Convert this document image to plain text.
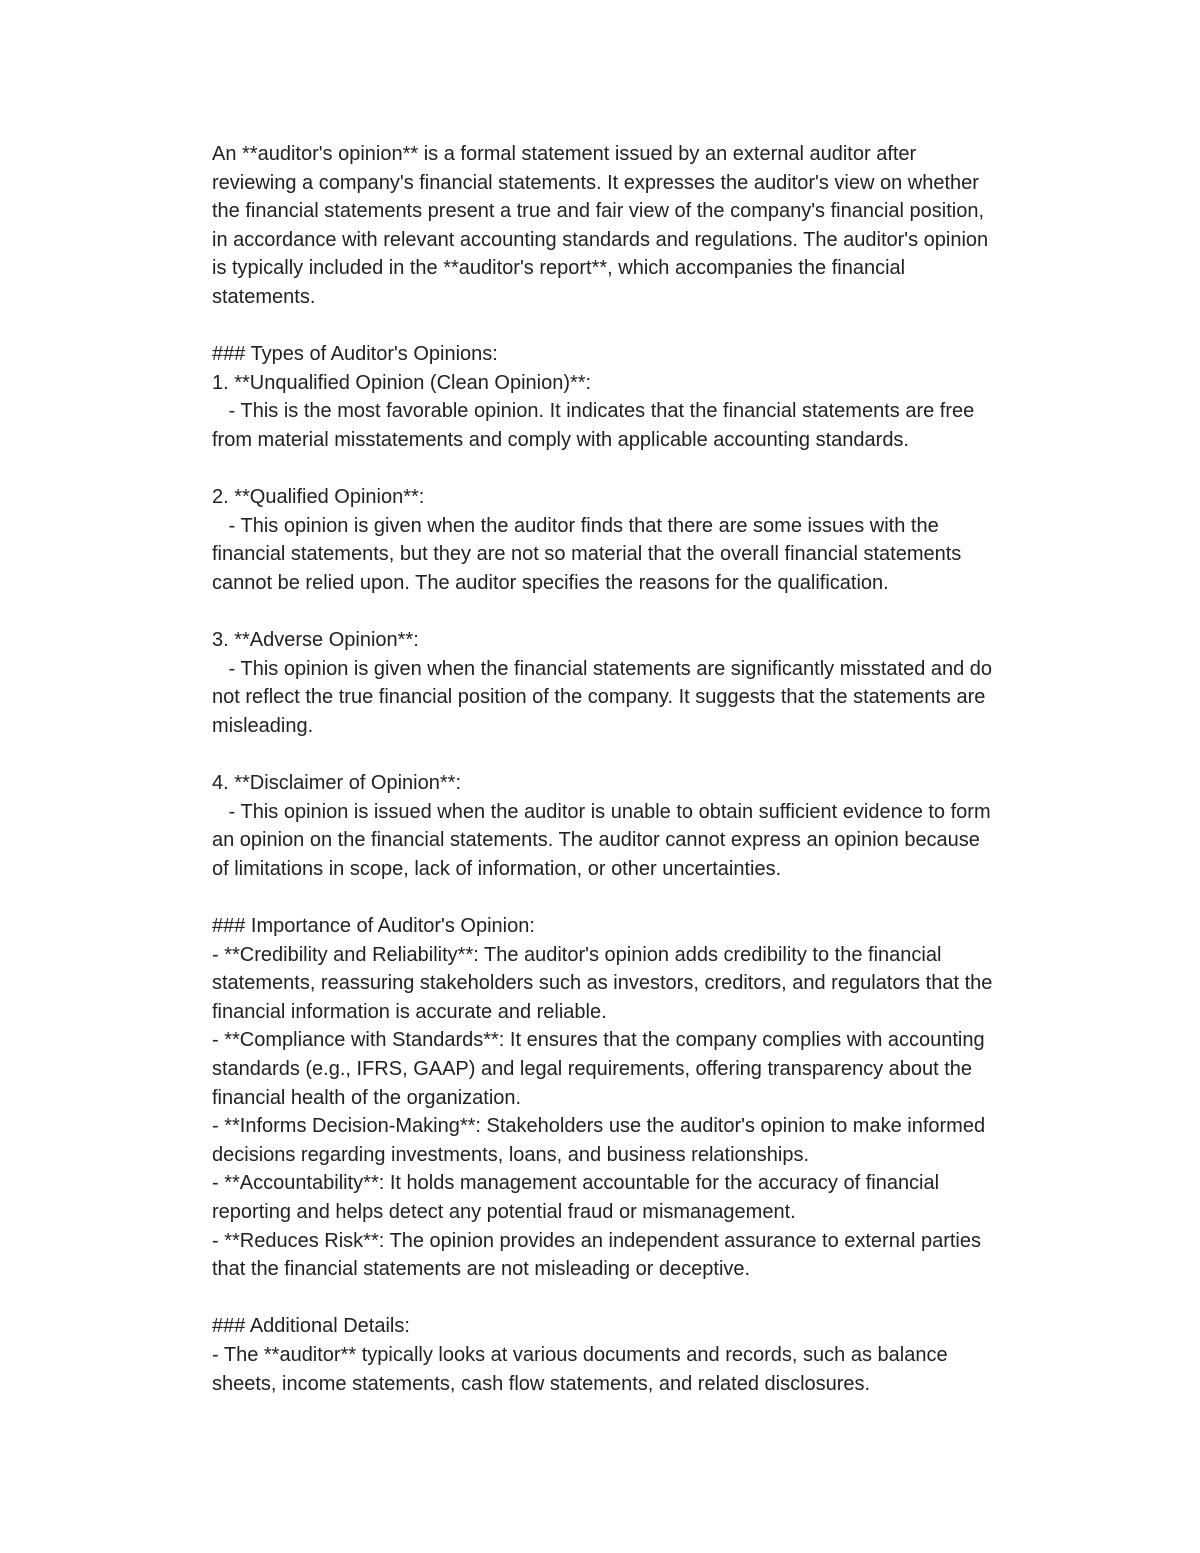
An **auditor's opinion** is a formal statement issued by an external auditor after
reviewing a company's financial statements. It expresses the auditor's view on whether
the financial statements present a true and fair view of the company's financial position,
in accordance with relevant accounting standards and regulations. The auditor's opinion
is typically included in the **auditor's report**, which accompanies the financial
statements.
### Types of Auditor's Opinions:
1. **Unqualified Opinion (Clean Opinion)**:
- This is the most favorable opinion. It indicates that the financial statements are free
from material misstatements and comply with applicable accounting standards.
2. **Qualified Opinion**:
- This opinion is given when the auditor finds that there are some issues with the
financial statements, but they are not so material that the overall financial statements
cannot be relied upon. The auditor specifies the reasons for the qualification.
3. **Adverse Opinion**:
- This opinion is given when the financial statements are significantly misstated and do
not reflect the true financial position of the company. It suggests that the statements are
misleading.
4. **Disclaimer of Opinion**:
- This opinion is issued when the auditor is unable to obtain sufficient evidence to form
an opinion on the financial statements. The auditor cannot express an opinion because
of limitations in scope, lack of information, or other uncertainties.
### Importance of Auditor's Opinion:
- **Credibility and Reliability**: The auditor's opinion adds credibility to the financial
statements, reassuring stakeholders such as investors, creditors, and regulators that the
financial information is accurate and reliable.
- **Compliance with Standards**: It ensures that the company complies with accounting
standards (e.g., IFRS, GAAP) and legal requirements, offering transparency about the
financial health of the organization.
- **Informs Decision-Making**: Stakeholders use the auditor's opinion to make informed
decisions regarding investments, loans, and business relationships.
- **Accountability**: It holds management accountable for the accuracy of financial
reporting and helps detect any potential fraud or mismanagement.
- **Reduces Risk**: The opinion provides an independent assurance to external parties
that the financial statements are not misleading or deceptive.
### Additional Details:
- The **auditor** typically looks at various documents and records, such as balance
sheets, income statements, cash flow statements, and related disclosures.
